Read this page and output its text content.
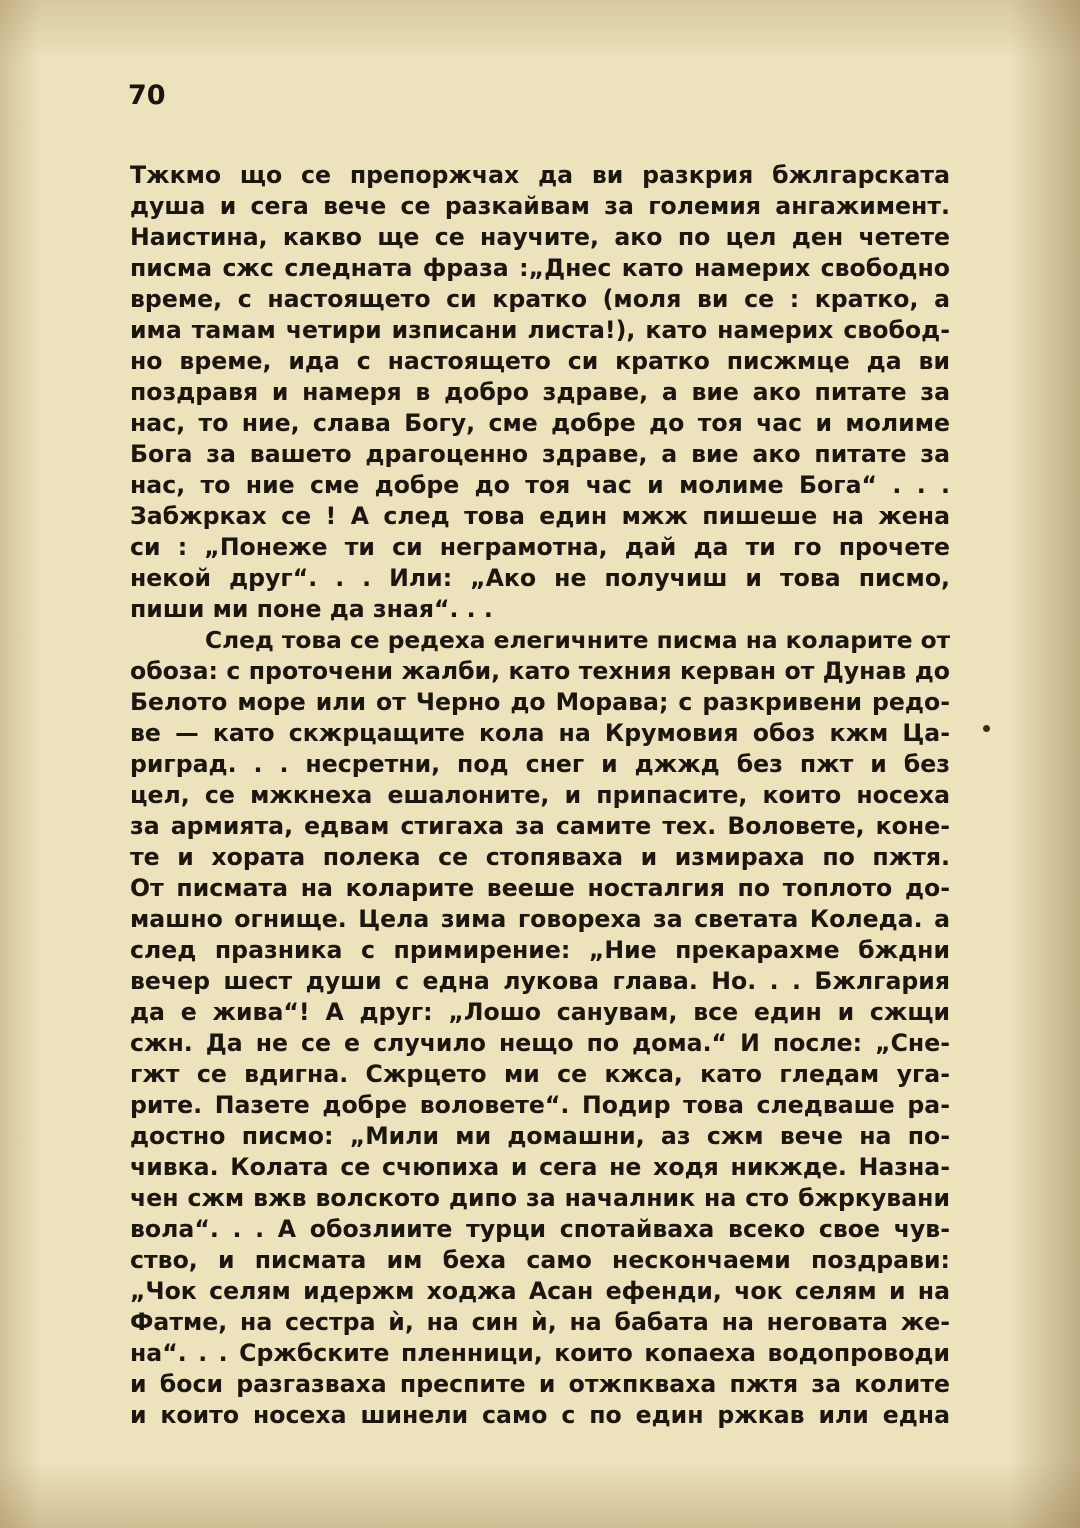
70
Тжкмо що се препоржчах да ви разкрия бжлгарската
душа и сега вече се разкайвам за големия ангажимент.
Наистина, какво ще се научите, ако по цел ден четете
писма сжс следната фраза :„Днес като намерих свободно
време, с настоящето си кратко (моля ви се : кратко, а
има тамам четири изписани листа!), като намерих свобод-
но време, ида с настоящето си кратко писжмце да ви
поздравя и намеря в добро здраве, а вие ако питате за
нас, то ние, слава Богу, сме добре до тоя час и молиме
Бога за вашето драгоценно здраве, а вие ако питате за
нас, то ние сме добре до тоя час и молиме Бога“ . . .
Забжрках се ! А след това един мжж пишеше на жена
си : „Понеже ти си неграмотна, дай да ти го прочете
некой друг“. . . Или: „Ако не получиш и това писмо,
пиши ми поне да зная“. . .
След това се редеха елегичните писма на коларите от
обоза: с проточени жалби, като техния керван от Дунав до
Белото море или от Черно до Морава; с разкривени редо-
ве — като скжрцащите кола на Крумовия обоз кжм Ца-
риград. . . несретни, под снег и джжд без пжт и без
цел, се мжкнеха ешалоните, и припасите, които носеха
за армията, едвам стигаха за самите тех. Воловете, коне-
те и хората полека се стопяваха и измираха по пжтя.
От писмата на коларите вееше носталгия по топлото до-
машно огнище. Цела зима говореха за светата Коледа. а
след празника с примирение: „Ние прекарахме бждни
вечер шест души с една лукова глава. Но. . . Бжлгария
да е жива“! А друг: „Лошо санувам, все един и сжщи
сжн. Да не се е случило нещо по дома.“ И после: „Сне-
гжт се вдигна. Сжрцето ми се кжса, като гледам уга-
рите. Пазете добре воловете“. Подир това следваше ра-
достно писмо: „Мили ми домашни, аз сжм вече на по-
чивка. Колата се счюпиха и сега не ходя никжде. Назна-
чен сжм вжв волското дипо за началник на сто бжркувани
вола“. . . А обозлиите турци спотайваха всеко свое чув-
ство, и писмата им беха само нескончаеми поздрави:
„Чок селям идержм ходжа Асан ефенди, чок селям и на
Фатме, на сестра ѝ, на син ѝ, на бабата на неговата же-
на“. . . Сржбските пленници, които копаеха водопроводи
и боси разгазваха преспите и отжпкваха пжтя за колите
и които носеха шинели само с по един ржкав или една
